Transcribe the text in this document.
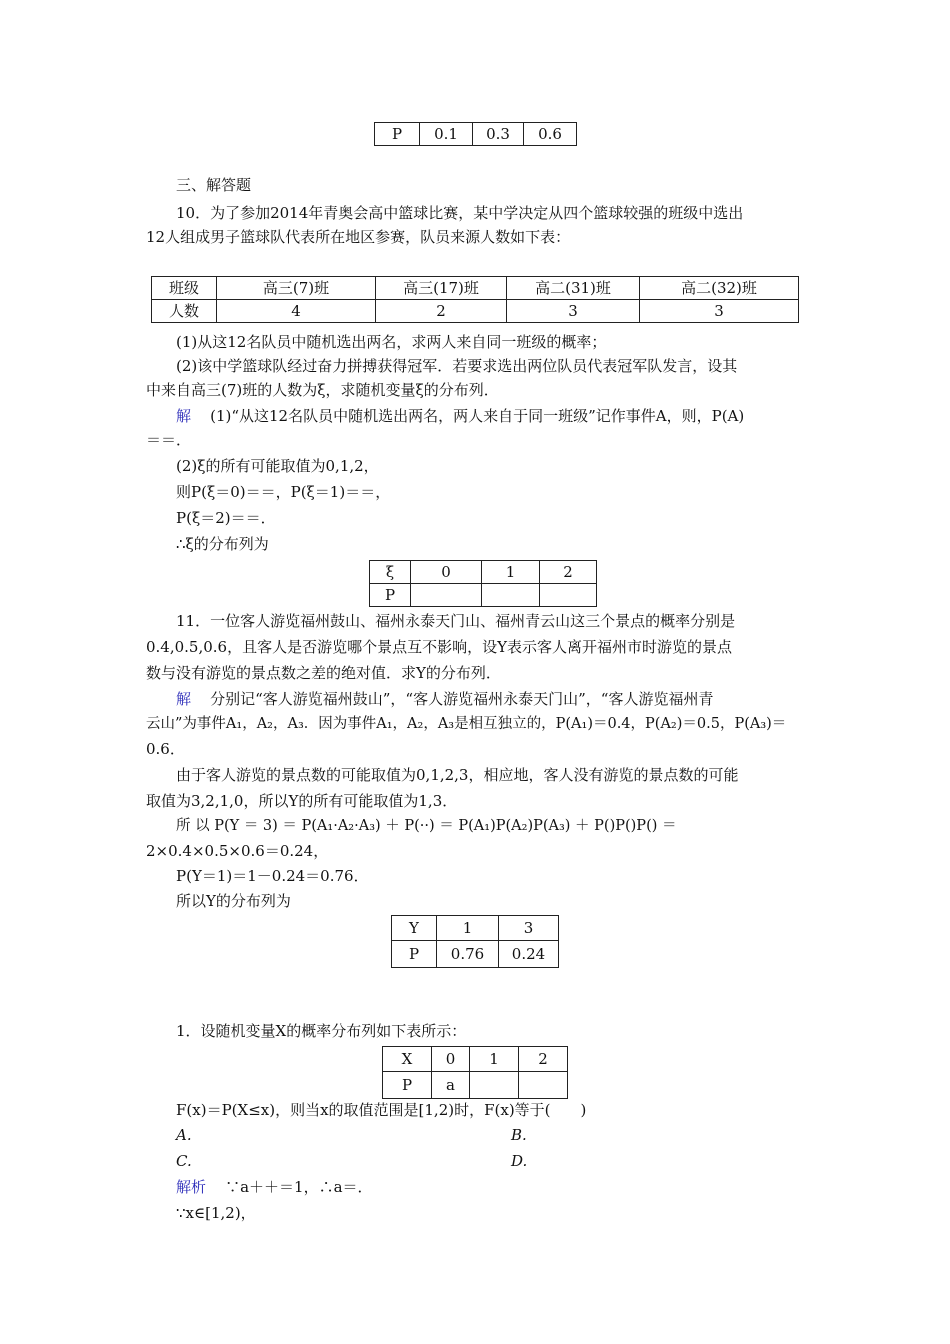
P	0.1	0.3	0.6
三、解答题
10．为了参加2014年青奥会高中篮球比赛，某中学决定从四个篮球较强的班级中选出
12人组成男子篮球队代表所在地区参赛，队员来源人数如下表：
班级	高三(7)班	高三(17)班	高二(31)班	高二(32)班
人数	4	2	3	3
(1)从这12名队员中随机选出两名，求两人来自同一班级的概率；
(2)该中学篮球队经过奋力拼搏获得冠军．若要求选出两位队员代表冠军队发言，设其
中来自高三(7)班的人数为ξ，求随机变量ξ的分布列．
解 (1)“从这12名队员中随机选出两名，两人来自于同一班级”记作事件A，则，P(A)
＝＝．
(2)ξ的所有可能取值为0,1,2，
则P(ξ＝0)＝＝，P(ξ＝1)＝＝，
P(ξ＝2)＝＝．
∴ξ的分布列为
ξ	0	1	2
P			
11．一位客人游览福州鼓山、福州永泰天门山、福州青云山这三个景点的概率分别是
0.4,0.5,0.6，且客人是否游览哪个景点互不影响，设Y表示客人离开福州市时游览的景点
数与没有游览的景点数之差的绝对值．求Y的分布列．
解 分别记“客人游览福州鼓山”，“客人游览福州永泰天门山”，“客人游览福州青
云山”为事件A₁，A₂，A₃．因为事件A₁，A₂，A₃是相互独立的，P(A₁)＝0.4，P(A₂)＝0.5，P(A₃)＝
0.6．
由于客人游览的景点数的可能取值为0,1,2,3，相应地，客人没有游览的景点数的可能
取值为3,2,1,0，所以Y的所有可能取值为1,3．
所 以 P(Y ＝ 3) ＝ P(A₁·A₂·A₃) ＋ P(··) ＝ P(A₁)P(A₂)P(A₃) ＋ P()P()P() ＝
2×0.4×0.5×0.6＝0.24，
P(Y＝1)＝1－0.24＝0.76．
所以Y的分布列为
Y	1	3
P	0.76	0.24
1．设随机变量X的概率分布列如下表所示：
X	0	1	2
P	a		
F(x)＝P(X≤x)，则当x的取值范围是[1,2)时，F(x)等于(　　)
A.	B.
C.	D.
解析 ∵a＋＋＝1，∴a＝．
∵x∈[1,2)，
